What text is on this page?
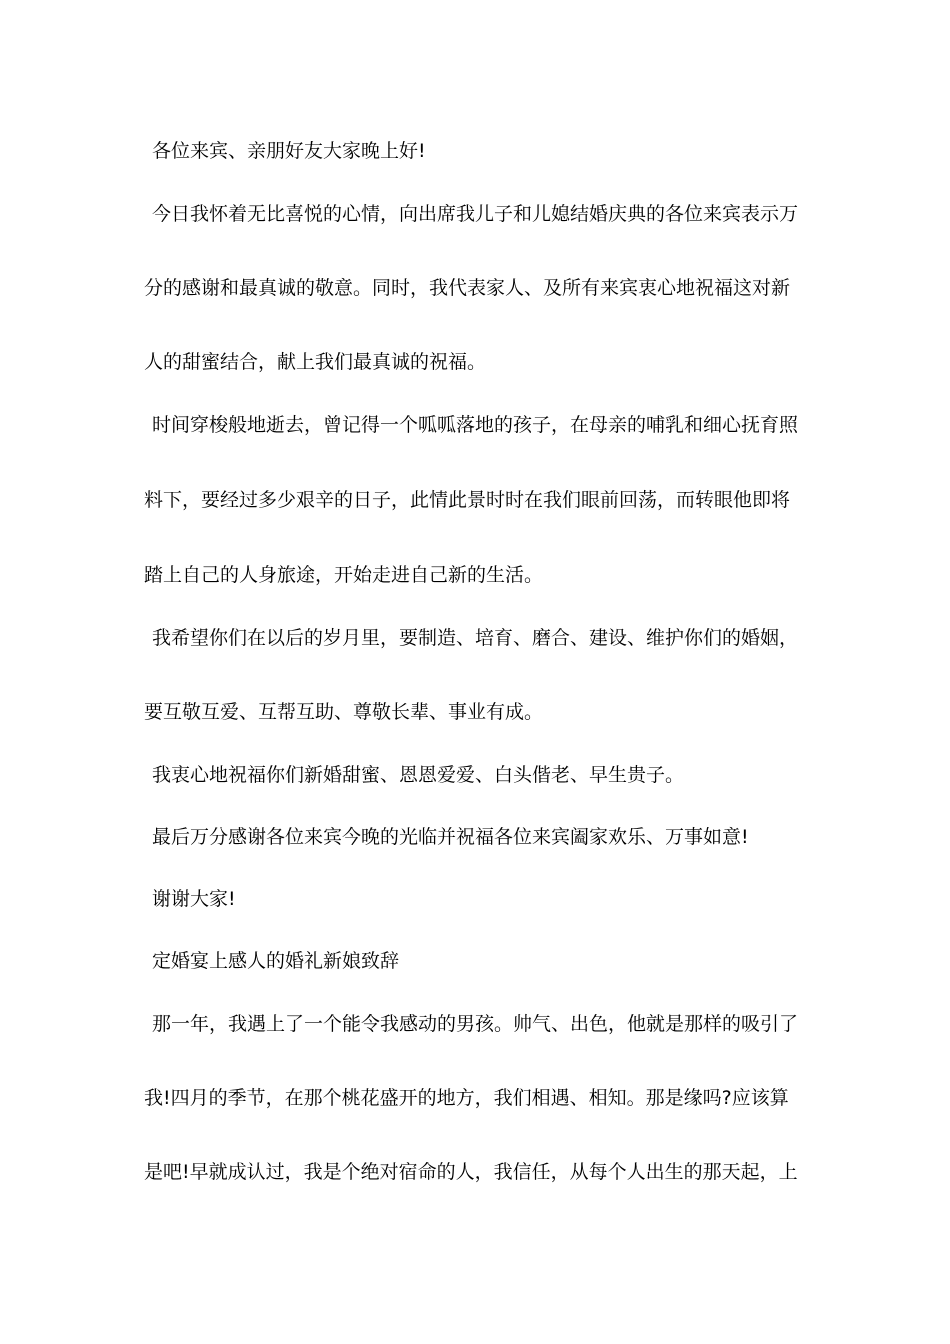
各位来宾、亲朋好友大家晚上好!
今日我怀着无比喜悦的心情，向出席我儿子和儿媳结婚庆典的各位来宾表示万
分的感谢和最真诚的敬意。同时，我代表家人、及所有来宾衷心地祝福这对新
人的甜蜜结合，献上我们最真诚的祝福。
时间穿梭般地逝去，曾记得一个呱呱落地的孩子，在母亲的哺乳和细心抚育照
料下，要经过多少艰辛的日子，此情此景时时在我们眼前回荡，而转眼他即将
踏上自己的人身旅途，开始走进自己新的生活。
我希望你们在以后的岁月里，要制造、培育、磨合、建设、维护你们的婚姻，
要互敬互爱、互帮互助、尊敬长辈、事业有成。
我衷心地祝福你们新婚甜蜜、恩恩爱爱、白头偕老、早生贵子。
最后万分感谢各位来宾今晚的光临并祝福各位来宾阖家欢乐、万事如意!
谢谢大家!
定婚宴上感人的婚礼新娘致辞
那一年，我遇上了一个能令我感动的男孩。帅气、出色，他就是那样的吸引了
我!四月的季节，在那个桃花盛开的地方，我们相遇、相知。那是缘吗?应该算
是吧!早就成认过，我是个绝对宿命的人，我信任，从每个人出生的那天起，上
